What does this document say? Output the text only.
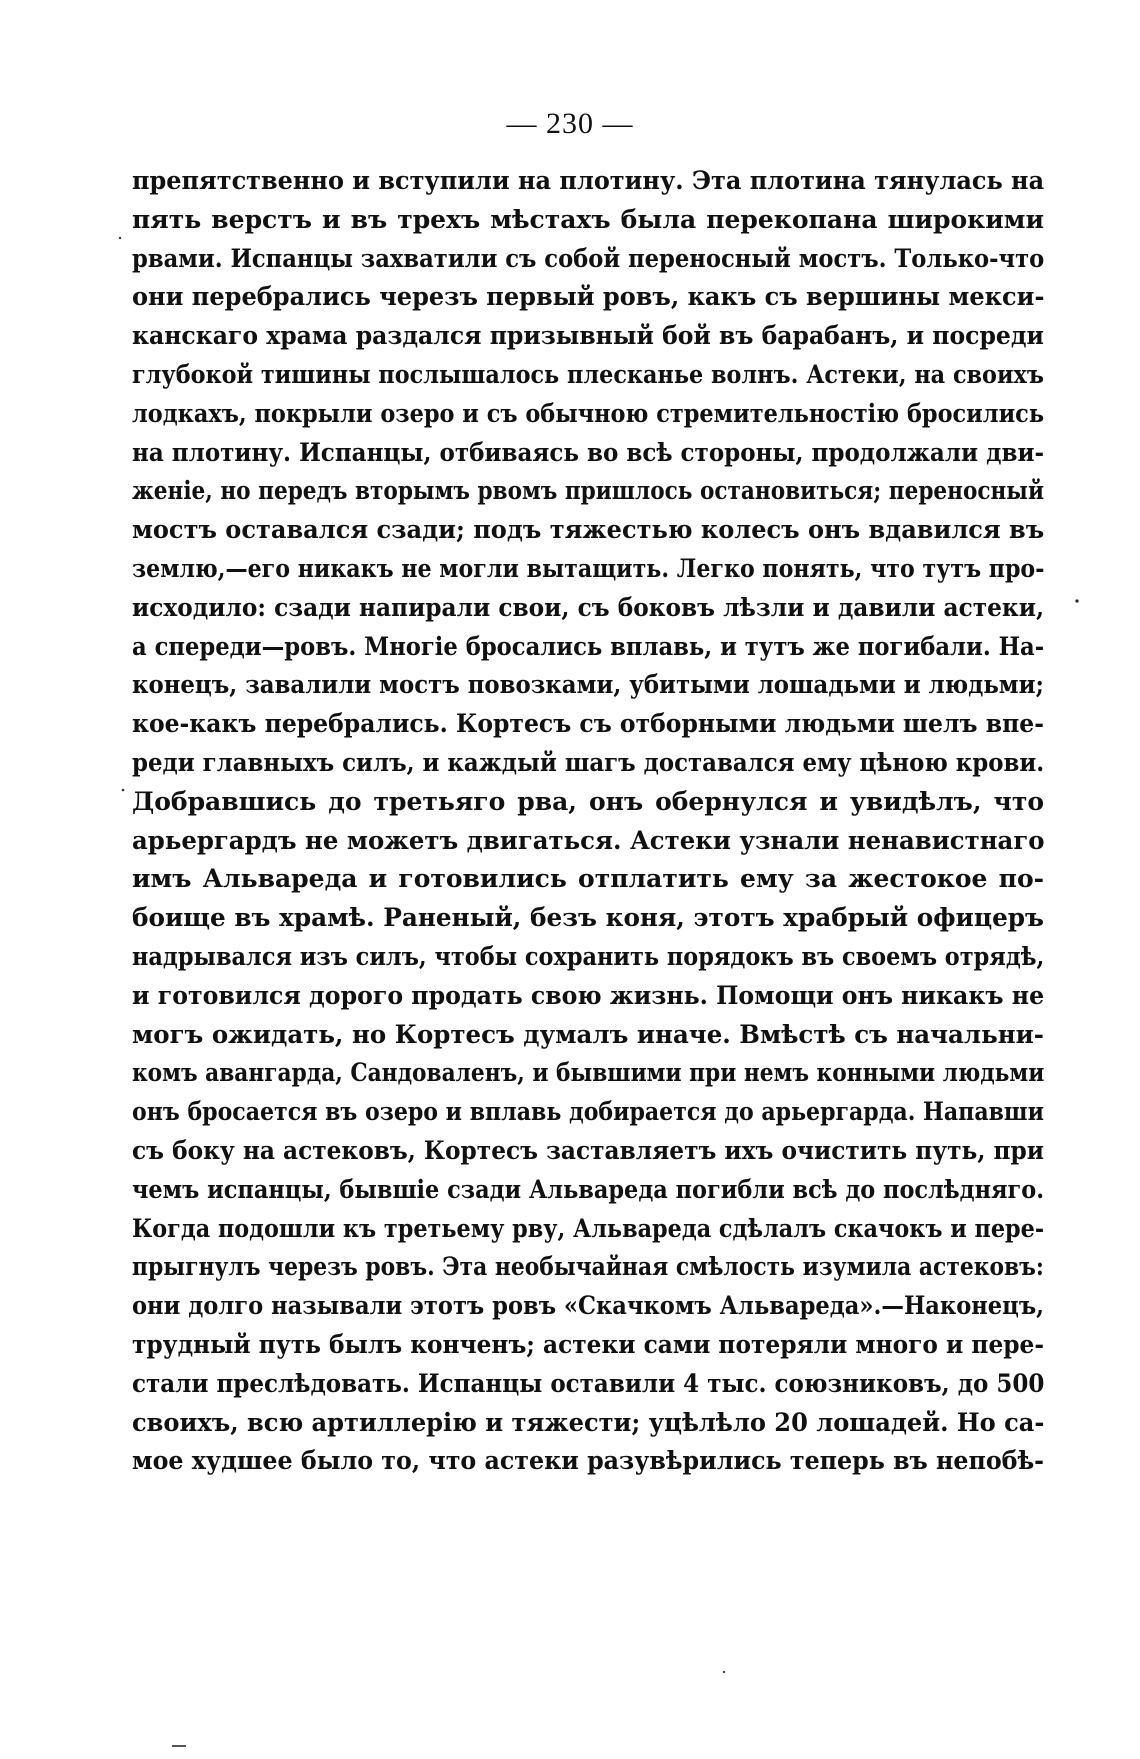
— 230 —
препятственно и вступили на плотину. Эта плотина тянулась на
пять верстъ и въ трехъ мѣстахъ была перекопана широкими
рвами. Испанцы захватили съ собой переносный мостъ. Только-что
они перебрались черезъ первый ровъ, какъ съ вершины мекси-
канскаго храма раздался призывный бой въ барабанъ, и посреди
глубокой тишины послышалось плесканье волнъ. Астеки, на своихъ
лодкахъ, покрыли озеро и съ обычною стремительностію бросились
на плотину. Испанцы, отбиваясь во всѣ стороны, продолжали дви-
женіе, но передъ вторымъ рвомъ пришлось остановиться; переносный
мостъ оставался сзади; подъ тяжестью колесъ онъ вдавился въ
землю,—его никакъ не могли вытащить. Легко понять, что тутъ про-
исходило: сзади напирали свои, съ боковъ лѣзли и давили астеки,
а спереди—ровъ. Многіе бросались вплавь, и тутъ же погибали. На-
конецъ, завалили мостъ повозками, убитыми лошадьми и людьми;
кое-какъ перебрались. Кортесъ съ отборными людьми шелъ впе-
реди главныхъ силъ, и каждый шагъ доставался ему цѣною крови.
Добравшись до третьяго рва, онъ обернулся и увидѣлъ, что
арьергардъ не можетъ двигаться. Астеки узнали ненавистнаго
имъ Альвареда и готовились отплатить ему за жестокое по-
боище въ храмѣ. Раненый, безъ коня, этотъ храбрый офицеръ
надрывался изъ силъ, чтобы сохранить порядокъ въ своемъ отрядѣ,
и готовился дорого продать свою жизнь. Помощи онъ никакъ не
могъ ожидать, но Кортесъ думалъ иначе. Вмѣстѣ съ начальни-
комъ авангарда, Сандоваленъ, и бывшими при немъ конными людьми
онъ бросается въ озеро и вплавь добирается до арьергарда. Напавши
съ боку на астековъ, Кортесъ заставляетъ ихъ очистить путь, при
чемъ испанцы, бывшіе сзади Альвареда погибли всѣ до послѣдняго.
Когда подошли къ третьему рву, Альвареда сдѣлалъ скачокъ и пере-
прыгнулъ черезъ ровъ. Эта необычайная смѣлость изумила астековъ:
они долго называли этотъ ровъ «Скачкомъ Альвареда».—Наконецъ,
трудный путь былъ конченъ; астеки сами потеряли много и пере-
стали преслѣдовать. Испанцы оставили 4 тыс. союзниковъ, до 500
своихъ, всю артиллерію и тяжести; уцѣлѣло 20 лошадей. Но са-
мое худшее было то, что астеки разувѣрились теперь въ непобѣ-
